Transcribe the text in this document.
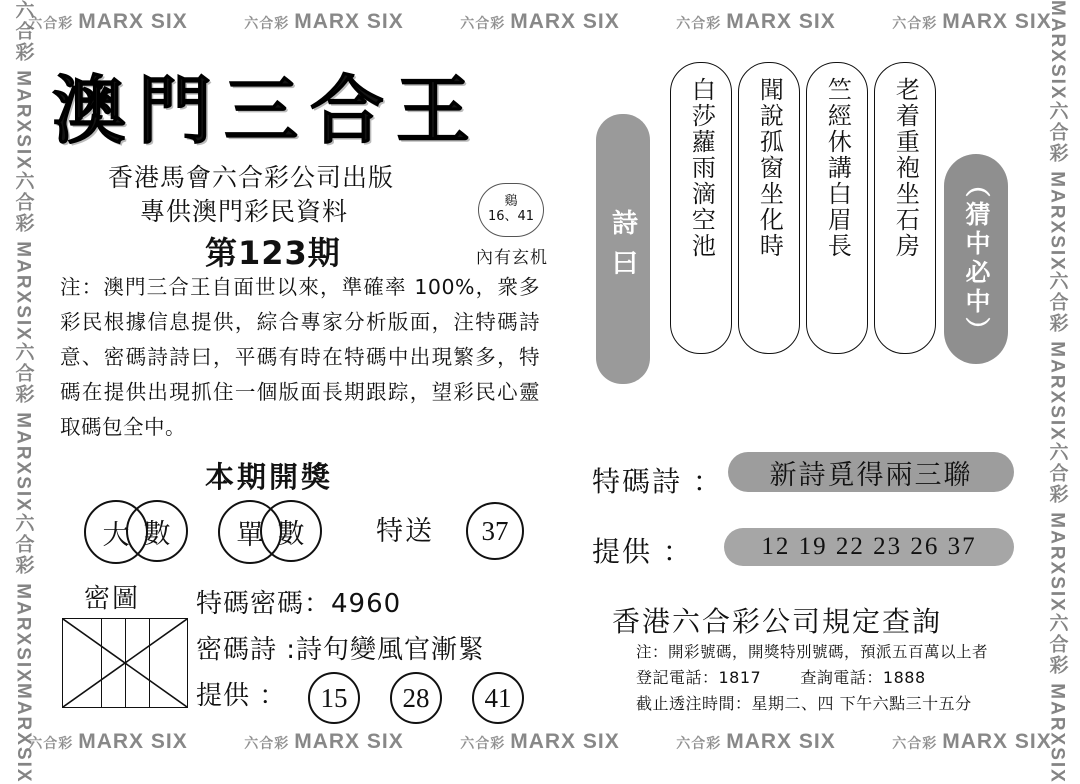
六合彩 MARX SIX	六合彩 MARX SIX	六合彩 MARX SIX	六合彩 MARX SIX	六合彩 MARX SIX
六合彩 MARX SIX	六合彩 MARX SIX	六合彩 MARX SIX	六合彩 MARX SIX	六合彩 MARX SIX
六合彩 MARXSIX
六合彩 MARXSIX
六合彩 MARXSIX
六合彩 MARXSIX
MARXSIX
MARXSIX
六合彩 MARXSIX
六合彩 MARXSIX
六合彩 MARXSIX
六合彩 MARXSIX
澳門三合王
香港馬會六合彩公司出版
專供澳門彩民資料
第123期
鷄
16、41
內有玄机
注：澳門三合王自面世以來，準確率 100%，衆多彩民根據信息提供，綜合專家分析版面，注特碼詩意、密碼詩詩曰，平碼有時在特碼中出現繁多，特碼在提供出現抓住一個版面長期跟踪，望彩民心靈取碼包全中。
本期開獎
大 數	單 數	特送	37
密圖 特碼密碼：4960
密碼詩 :詩句變風官漸緊
提供 ：	15	28	41
詩曰 白莎蘿雨滴空池 聞說孤窗坐化時 竺經休講白眉長 老着重袍坐石房 （猜中必中）
特碼詩 ： 新詩覓得兩三聯
提供 ：	12 19 22 23 26 37
香港六合彩公司規定查詢
注：開彩號碼，開獎特別號碼，預派五百萬以上者
登記電話：1817 查詢電話：1888
截止透注時間：星期二、四 下午六點三十五分
